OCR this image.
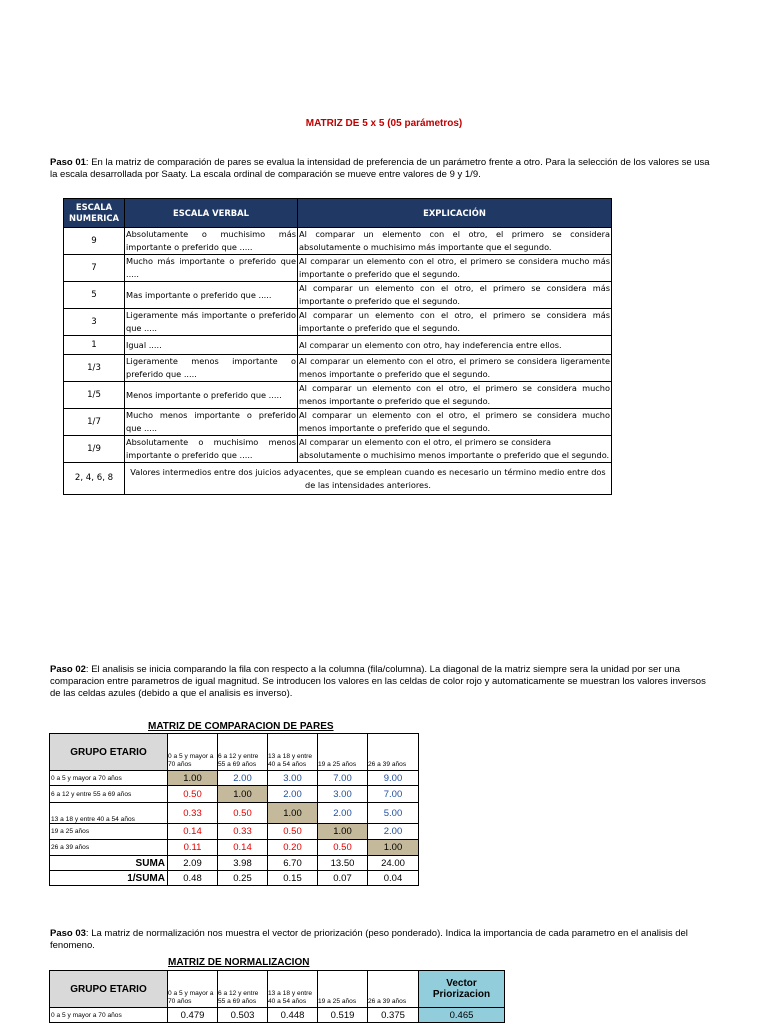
MATRIZ DE 5 x 5 (05 parámetros)
Paso 01: En la matriz de comparación de pares se evalua la intensidad de preferencia de un parámetro frente a otro. Para la selección de los valores se usa la escala desarrollada por Saaty. La escala ordinal de comparación se mueve entre valores de 9 y 1/9.
ESCALA NUMERICA	ESCALA VERBAL	EXPLICACIÓN
9	Absolutamente o muchisimo más importante o preferido que .....	Al comparar un elemento con el otro, el primero se considera absolutamente o muchisimo más importante que el segundo.
7	Mucho más importante o preferido que .....	Al comparar un elemento con el otro, el primero se considera mucho más importante o preferido que el segundo.
5	Mas importante o preferido que .....	Al comparar un elemento con el otro, el primero se considera más importante o preferido que el segundo.
3	Ligeramente más importante o preferido que .....	Al comparar un elemento con el otro, el primero se considera más importante o preferido que el segundo.
1	Igual .....	Al comparar un elemento con otro, hay indeferencia entre ellos.
1/3	Ligeramente menos importante o preferido que .....	Al comparar un elemento con el otro, el primero se considera ligeramente menos importante o preferido que el segundo.
1/5	Menos importante o preferido que .....	Al comparar un elemento con el otro, el primero se considera mucho menos importante o preferido que el segundo.
1/7	Mucho menos importante o preferido que .....	Al comparar un elemento con el otro, el primero se considera mucho menos importante o preferido que el segundo.
1/9	Absolutamente o muchisimo menos importante o preferido que .....	Al comparar un elemento con el otro, el primero se considera absolutamente o muchisimo menos importante o preferido que el segundo.

2, 4, 6, 8	Valores intermedios entre dos juicios adyacentes, que se emplean cuando es necesario un término medio entre dos de las intensidades anteriores.	
Paso 02: El analisis se inicia comparando la fila con respecto a la columna (fila/columna). La diagonal de la matriz siempre sera la unidad por ser una comparacion entre parametros de igual magnitud. Se introducen los valores en las celdas de color rojo y automaticamente se muestran los valores inversos de las celdas azules (debido a que el analisis es inverso).
MATRIZ DE COMPARACION DE PARES
GRUPO ETARIO	0 a 5 y mayor a 70 años	6 a 12 y entre 55 a 69 años	13 a 18 y entre 40 a 54 años	19 a 25 años	26 a 39 años
0 a 5 y mayor a 70 años	1.00	2.00	3.00	7.00	9.00
6 a 12 y entre 55 a 69 años	0.50	1.00	2.00	3.00	7.00
13 a 18 y entre 40 a 54 años	0.33	0.50	1.00	2.00	5.00
19 a 25 años	0.14	0.33	0.50	1.00	2.00
26 a 39 años	0.11	0.14	0.20	0.50	1.00
SUMA	2.09	3.98	6.70	13.50	24.00
1/SUMA	0.48	0.25	0.15	0.07	0.04
Paso 03: La matriz de normalización nos muestra el vector de priorización (peso ponderado). Indica la importancia de cada parametro en el analisis del fenomeno.
MATRIZ DE NORMALIZACION
GRUPO ETARIO	0 a 5 y mayor a 70 años	6 a 12 y entre 55 a 69 años	13 a 18 y entre 40 a 54 años	19 a 25 años	26 a 39 años	Vector Priorizacion
0 a 5 y mayor a 70 años	0.479	0.503	0.448	0.519	0.375	0.465
